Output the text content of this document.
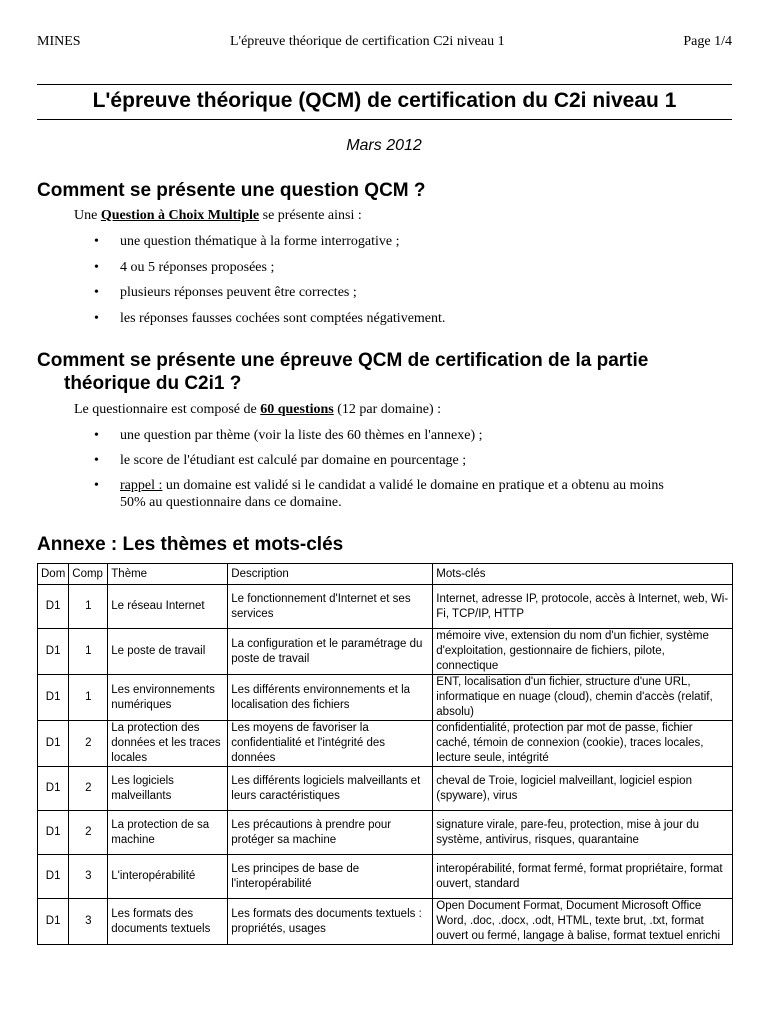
MINES	L'épreuve théorique de certification C2i niveau 1	Page 1/4
L'épreuve théorique (QCM) de certification du C2i niveau 1
Mars 2012
Comment se présente une question QCM ?
Une Question à Choix Multiple se présente ainsi :
• une question thématique à la forme interrogative ;
• 4 ou 5 réponses proposées ;
• plusieurs réponses peuvent être correctes ;
• les réponses fausses cochées sont comptées négativement.
Comment se présente une épreuve QCM de certification de la partie
théorique du C2i1 ?
Le questionnaire est composé de 60 questions (12 par domaine) :
• une question par thème (voir la liste des 60 thèmes en l'annexe) ;
• le score de l'étudiant est calculé par domaine en pourcentage ;
• rappel : un domaine est validé si le candidat a validé le domaine en pratique et a obtenu au moins
50% au questionnaire dans ce domaine.
Annexe : Les thèmes et mots-clés
Dom	Comp	Thème	Description	Mots-clés
D1	1	Le réseau Internet	Le fonctionnement d'Internet et ses services	Internet, adresse IP, protocole, accès à Internet, web, Wi-Fi, TCP/IP, HTTP
D1	1	Le poste de travail	La configuration et le paramétrage du poste de travail	mémoire vive, extension du nom d'un fichier, système d'exploitation, gestionnaire de fichiers, pilote, connectique
D1	1	Les environnements numériques	Les différents environnements et la localisation des fichiers	ENT, localisation d'un fichier, structure d'une URL, informatique en nuage (cloud), chemin d'accès (relatif, absolu)
D1	2	La protection des données et les traces locales	Les moyens de favoriser la confidentialité et l'intégrité des données	confidentialité, protection par mot de passe, fichier caché, témoin de connexion (cookie), traces locales, lecture seule, intégrité
D1	2	Les logiciels malveillants	Les différents logiciels malveillants et leurs caractéristiques	cheval de Troie, logiciel malveillant, logiciel espion (spyware), virus
D1	2	La protection de sa machine	Les précautions à prendre pour protéger sa machine	signature virale, pare-feu, protection, mise à jour du système, antivirus, risques, quarantaine
D1	3	L'interopérabilité	Les principes de base de l'interopérabilité	interopérabilité, format fermé, format propriétaire, format ouvert, standard
D1	3	Les formats des documents textuels	Les formats des documents textuels : propriétés, usages	Open Document Format, Document Microsoft Office Word, .doc, .docx, .odt, HTML, texte brut, .txt, format ouvert ou fermé, langage à balise, format textuel enrichi
